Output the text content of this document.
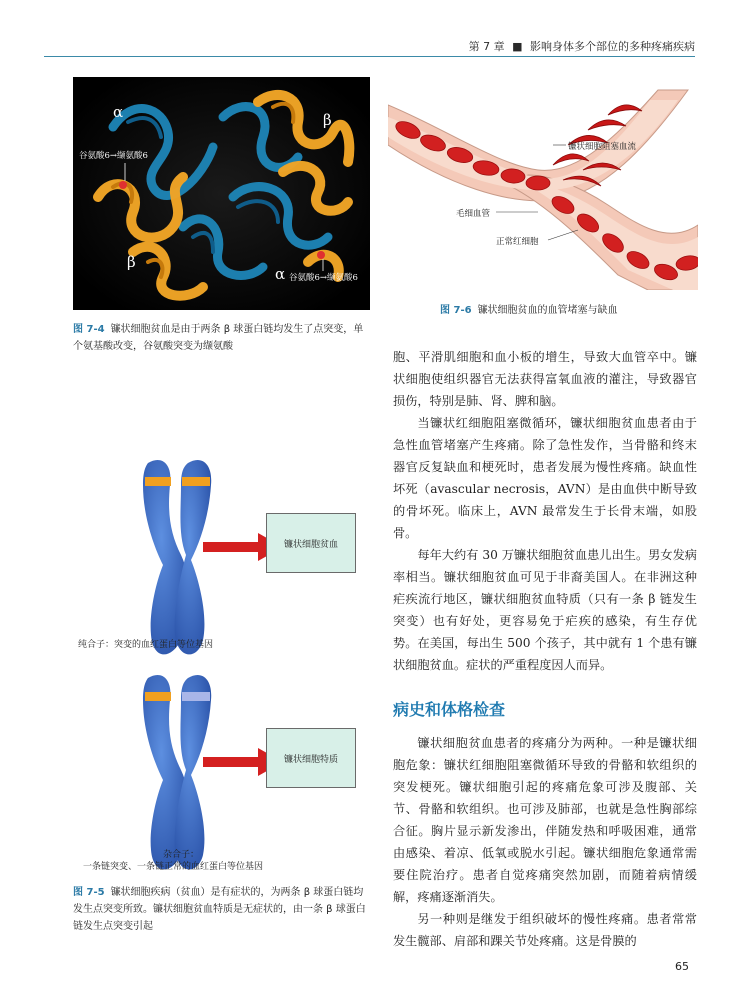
第 7 章 ■ 影响身体多个部位的多种疼痛疾病
α	β
β
α
谷氨酸6→缬氨酸6
谷氨酸6→缬氨酸6
图 7-4 镰状细胞贫血是由于两条 β 球蛋白链均发生了点突变，单个氨基酸改变，谷氨酸突变为缬氨酸
镰状细胞阻塞血流
毛细血管
正常红细胞
图 7-6 镰状细胞贫血的血管堵塞与缺血

胞、平滑肌细胞和血小板的增生，导致大血管卒中。镰状细胞使组织器官无法获得富氧血液的灌注，导致器官损伤，特别是肺、肾、脾和脑。

当镰状红细胞阻塞微循环，镰状细胞贫血患者由于急性血管堵塞产生疼痛。除了急性发作，当骨骼和终末器官反复缺血和梗死时，患者发展为慢性疼痛。缺血性坏死（avascular necrosis，AVN）是由血供中断导致的骨坏死。临床上，AVN 最常发生于长骨末端，如股骨。

每年大约有 30 万镰状细胞贫血患儿出生。男女发病率相当。镰状细胞贫血可见于非裔美国人。在非洲这种疟疾流行地区，镰状细胞贫血特质（只有一条 β 链发生突变）也有好处，更容易免于疟疾的感染，有生存优势。在美国，每出生 500 个孩子，其中就有 1 个患有镰状细胞贫血。症状的严重程度因人而异。

病史和体格检查

镰状细胞贫血患者的疼痛分为两种。一种是镰状细胞危象：镰状红细胞阻塞微循环导致的骨骼和软组织的突发梗死。镰状细胞引起的疼痛危象可涉及腹部、关节、骨骼和软组织。也可涉及肺部，也就是急性胸部综合征。胸片显示新发渗出，伴随发热和呼吸困难，通常由感染、着凉、低氧或脱水引起。镰状细胞危象通常需要住院治疗。患者自觉疼痛突然加剧，而随着病情缓解，疼痛逐渐消失。

另一种则是继发于组织破坏的慢性疼痛。患者常常发生髋部、肩部和踝关节处疼痛。这是骨膜的

镰状细胞贫血
镰状细胞特质
纯合子：突变的血红蛋白等位基因
杂合子：
一条链突变、一条链正常的血红蛋白等位基因
图 7-5 镰状细胞疾病（贫血）是有症状的，为两条 β 球蛋白链均发生点突变所致。镰状细胞贫血特质是无症状的，由一条 β 球蛋白链发生点突变引起
65
